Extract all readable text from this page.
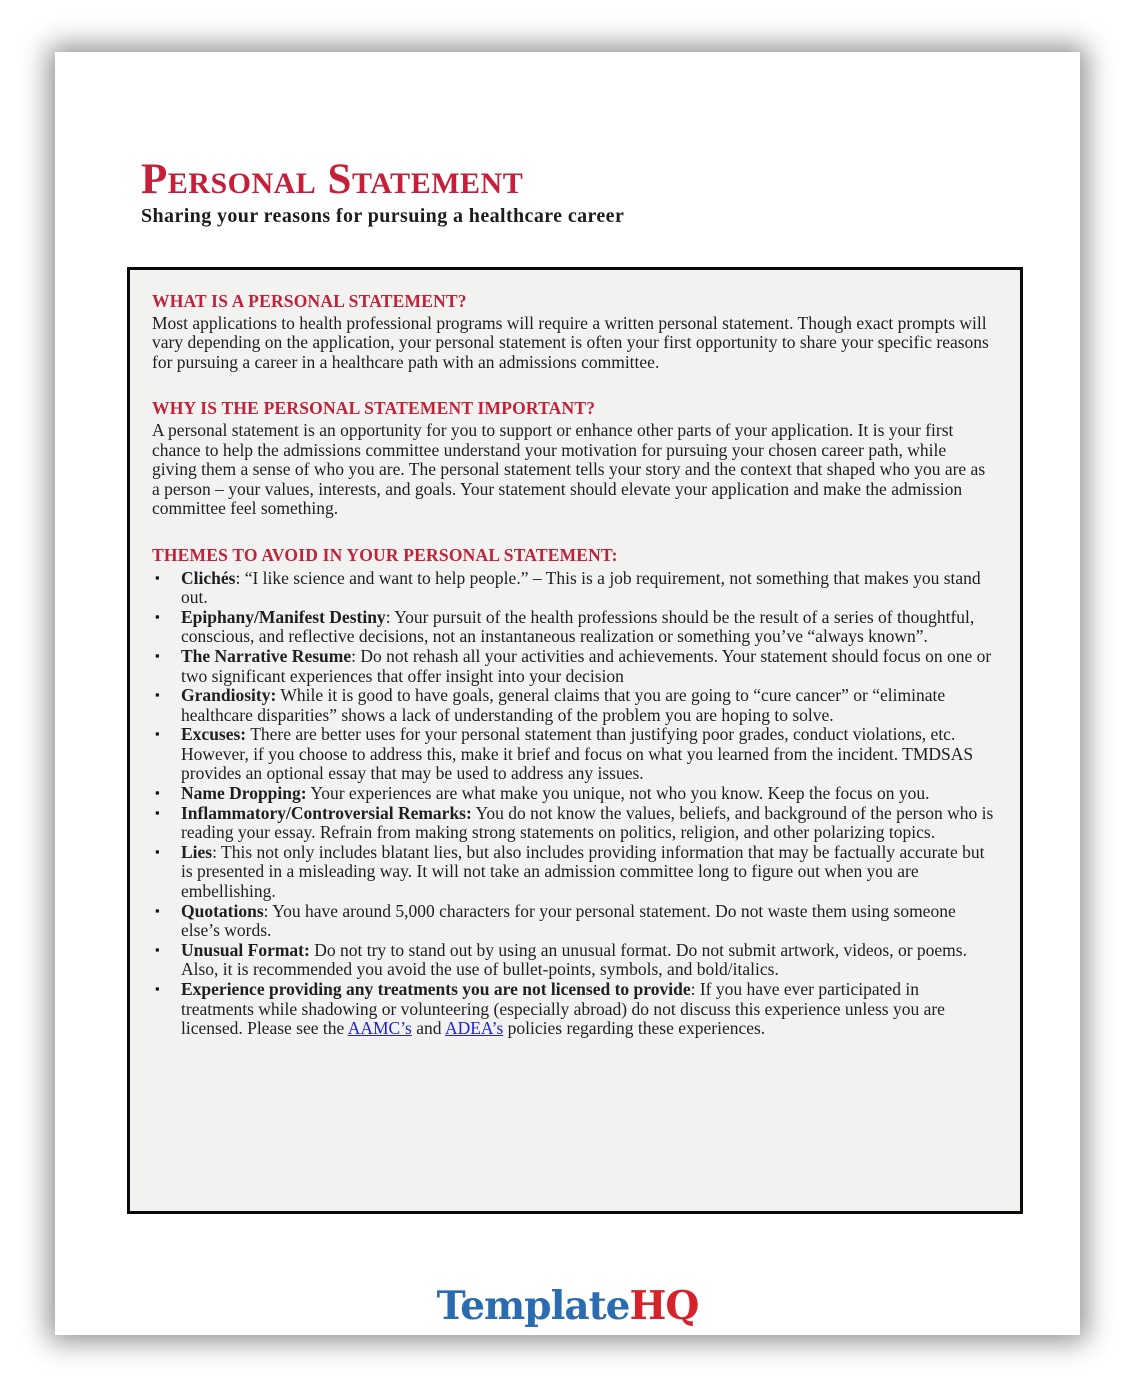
Personal Statement
Sharing your reasons for pursuing a healthcare career
WHAT IS A PERSONAL STATEMENT?

Most applications to health professional programs will require a written personal statement. Though exact prompts will vary depending on the application, your personal statement is often your first opportunity to share your specific reasons for pursuing a career in a healthcare path with an admissions committee.

WHY IS THE PERSONAL STATEMENT IMPORTANT?

A personal statement is an opportunity for you to support or enhance other parts of your application. It is your first chance to help the admissions committee understand your motivation for pursuing your chosen career path, while giving them a sense of who you are. The personal statement tells your story and the context that shaped who you are as a person – your values, interests, and goals. Your statement should elevate your application and make the admission committee feel something.

THEMES TO AVOID IN YOUR PERSONAL STATEMENT:
▪ Clichés: “I like science and want to help people.” – This is a job requirement, not something that makes you stand out.
▪ Epiphany/Manifest Destiny: Your pursuit of the health professions should be the result of a series of thoughtful, conscious, and reflective decisions, not an instantaneous realization or something you’ve “always known”.
▪ The Narrative Resume: Do not rehash all your activities and achievements. Your statement should focus on one or two significant experiences that offer insight into your decision
▪ Grandiosity: While it is good to have goals, general claims that you are going to “cure cancer” or “eliminate healthcare disparities” shows a lack of understanding of the problem you are hoping to solve.
▪ Excuses: There are better uses for your personal statement than justifying poor grades, conduct violations, etc. However, if you choose to address this, make it brief and focus on what you learned from the incident. TMDSAS provides an optional essay that may be used to address any issues.
▪ Name Dropping: Your experiences are what make you unique, not who you know. Keep the focus on you.
▪ Inflammatory/Controversial Remarks: You do not know the values, beliefs, and background of the person who is reading your essay. Refrain from making strong statements on politics, religion, and other polarizing topics.
▪ Lies: This not only includes blatant lies, but also includes providing information that may be factually accurate but is presented in a misleading way. It will not take an admission committee long to figure out when you are embellishing.
▪ Quotations: You have around 5,000 characters for your personal statement. Do not waste them using someone else’s words.
▪ Unusual Format: Do not try to stand out by using an unusual format. Do not submit artwork, videos, or poems. Also, it is recommended you avoid the use of bullet-points, symbols, and bold/italics.
▪ Experience providing any treatments you are not licensed to provide: If you have ever participated in treatments while shadowing or volunteering (especially abroad) do not discuss this experience unless you are licensed. Please see the AAMC’s and ADEA’s policies regarding these experiences.
TemplateHQ
